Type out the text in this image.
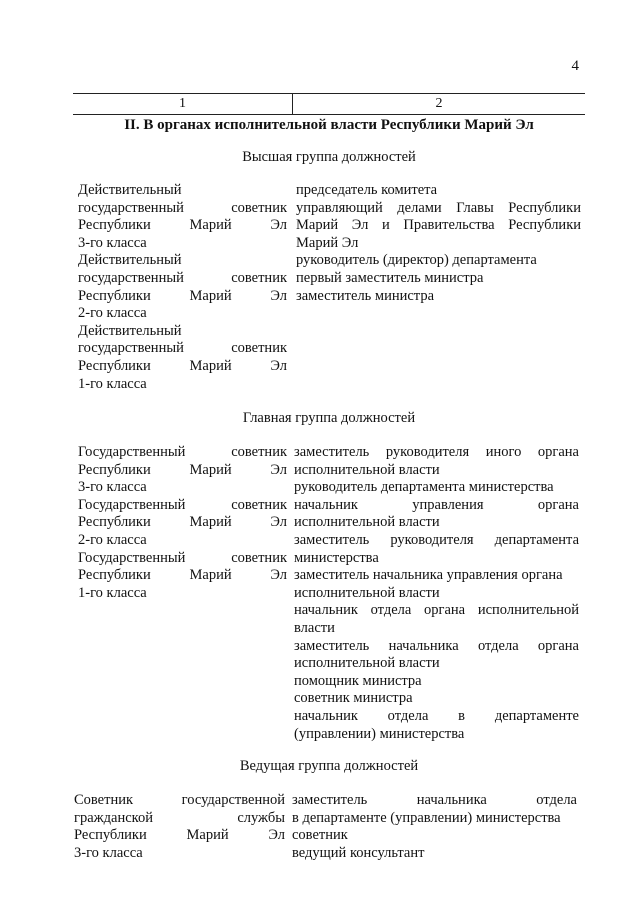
4
1	2
II. В органах исполнительной власти Республики Марий Эл
Высшая группа должностей
Действительный
государственный советник
Республики Марий Эл
3-го класса
Действительный
государственный советник
Республики Марий Эл
2-го класса
Действительный
государственный советник
Республики Марий Эл
1-го класса
председатель комитета
управляющий делами Главы Республики
Марий Эл и Правительства Республики
Марий Эл
руководитель (директор) департамента
первый заместитель министра
заместитель министра
Главная группа должностей
Государственный советник
Республики Марий Эл
3-го класса
Государственный советник
Республики Марий Эл
2-го класса
Государственный советник
Республики Марий Эл
1-го класса
заместитель руководителя иного органа
исполнительной власти
руководитель департамента министерства
начальник управления органа
исполнительной власти
заместитель руководителя департамента
министерства
заместитель начальника управления органа
исполнительной власти
начальник отдела органа исполнительной
власти
заместитель начальника отдела органа
исполнительной власти
помощник министра
советник министра
начальник отдела в департаменте
(управлении) министерства
Ведущая группа должностей
Советник государственной
гражданской службы
Республики Марий Эл
3-го класса
заместитель начальника отдела
в департаменте (управлении) министерства
советник
ведущий консультант
